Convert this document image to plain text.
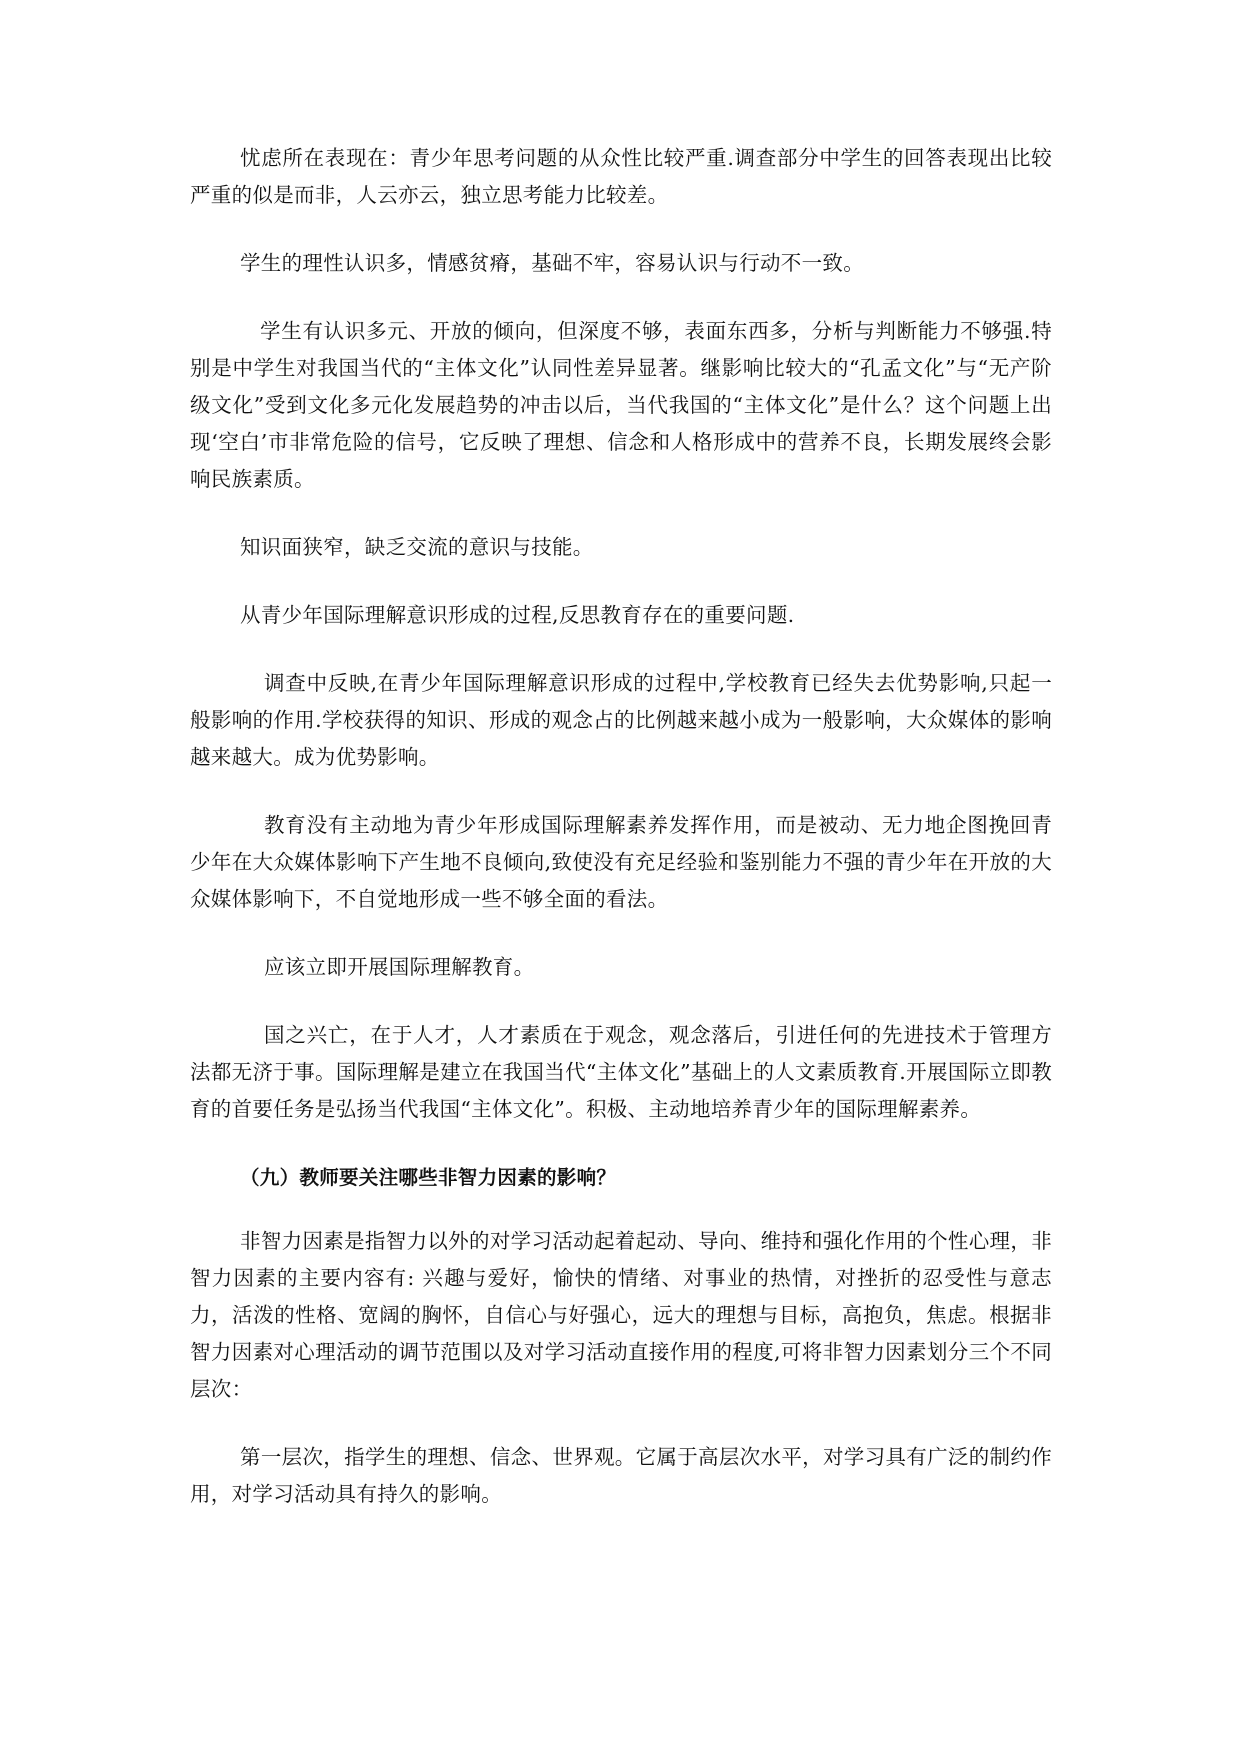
忧虑所在表现在：青少年思考问题的从众性比较严重.调查部分中学生的回答表现出比较严重的似是而非，人云亦云，独立思考能力比较差。

学生的理性认识多，情感贫瘠，基础不牢，容易认识与行动不一致。

学生有认识多元、开放的倾向，但深度不够，表面东西多，分析与判断能力不够强.特别是中学生对我国当代的“主体文化”认同性差异显著。继影响比较大的“孔孟文化”与“无产阶级文化”受到文化多元化发展趋势的冲击以后，当代我国的“主体文化”是什么？这个问题上出现‘空白’市非常危险的信号，它反映了理想、信念和人格形成中的营养不良，长期发展终会影响民族素质。

知识面狭窄，缺乏交流的意识与技能。

从青少年国际理解意识形成的过程,反思教育存在的重要问题.

调查中反映,在青少年国际理解意识形成的过程中,学校教育已经失去优势影响,只起一般影响的作用.学校获得的知识、形成的观念占的比例越来越小成为一般影响，大众媒体的影响越来越大。成为优势影响。

教育没有主动地为青少年形成国际理解素养发挥作用，而是被动、无力地企图挽回青少年在大众媒体影响下产生地不良倾向,致使没有充足经验和鉴别能力不强的青少年在开放的大众媒体影响下，不自觉地形成一些不够全面的看法。

应该立即开展国际理解教育。

国之兴亡，在于人才，人才素质在于观念，观念落后，引进任何的先进技术于管理方法都无济于事。国际理解是建立在我国当代“主体文化”基础上的人文素质教育.开展国际立即教育的首要任务是弘扬当代我国“主体文化”。积极、主动地培养青少年的国际理解素养。

（九）教师要关注哪些非智力因素的影响？

非智力因素是指智力以外的对学习活动起着起动、导向、维持和强化作用的个性心理，非智力因素的主要内容有: 兴趣与爱好，愉快的情绪、对事业的热情，对挫折的忍受性与意志力，活泼的性格、宽阔的胸怀，自信心与好强心，远大的理想与目标，高抱负，焦虑。根据非智力因素对心理活动的调节范围以及对学习活动直接作用的程度,可将非智力因素划分三个不同层次：

第一层次，指学生的理想、信念、世界观。它属于高层次水平，对学习具有广泛的制约作用，对学习活动具有持久的影响。
